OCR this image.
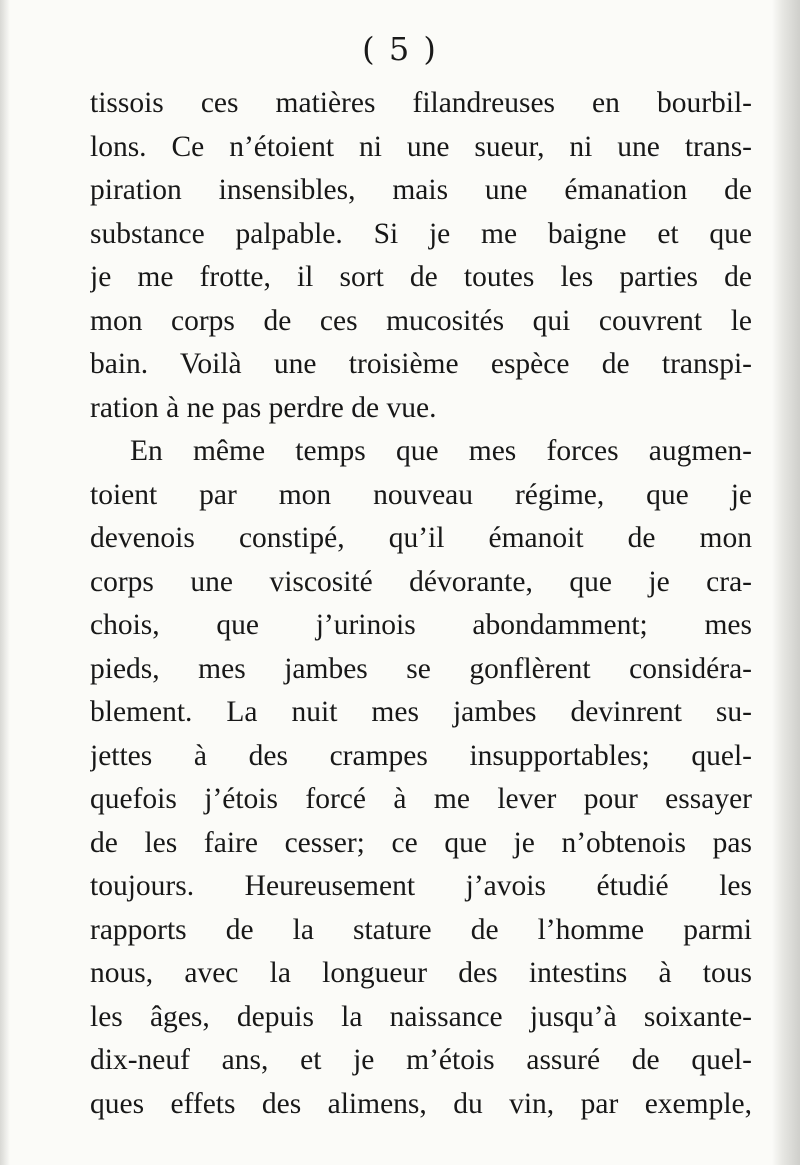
( 5 )
tissois ces matières filandreuses en bourbil-
lons. Ce n’étoient ni une sueur, ni une trans-
piration insensibles, mais une émanation de
substance palpable. Si je me baigne et que
je me frotte, il sort de toutes les parties de
mon corps de ces mucosités qui couvrent le
bain. Voilà une troisième espèce de transpi-
ration à ne pas perdre de vue.
En même temps que mes forces augmen-
toient par mon nouveau régime, que je
devenois constipé, qu’il émanoit de mon
corps une viscosité dévorante, que je cra-
chois, que j’urinois abondamment; mes
pieds, mes jambes se gonflèrent considéra-
blement. La nuit mes jambes devinrent su-
jettes à des crampes insupportables; quel-
quefois j’étois forcé à me lever pour essayer
de les faire cesser; ce que je n’obtenois pas
toujours. Heureusement j’avois étudié les
rapports de la stature de l’homme parmi
nous, avec la longueur des intestins à tous
les âges, depuis la naissance jusqu’à soixante-
dix-neuf ans, et je m’étois assuré de quel-
ques effets des alimens, du vin, par exemple,
